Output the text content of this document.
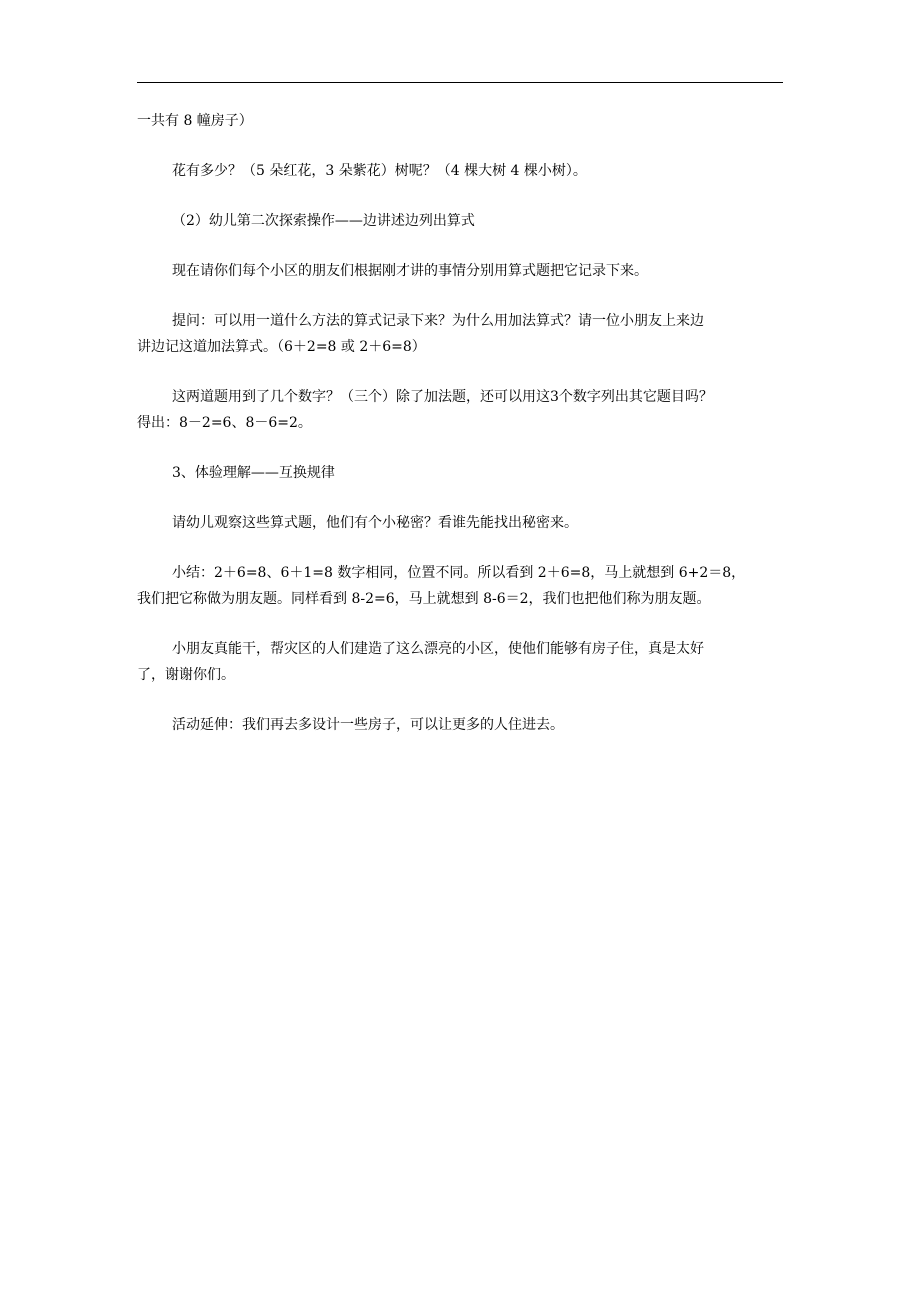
一共有 8 幢房子）

花有多少？（5 朵红花，3 朵紫花）树呢？（4 棵大树 4 棵小树）。

（2）幼儿第二次探索操作——边讲述边列出算式

现在请你们每个小区的朋友们根据刚才讲的事情分别用算式题把它记录下来。

提问：可以用一道什么方法的算式记录下来？为什么用加法算式？请一位小朋友上来边

讲边记这道加法算式。（6＋2=8 或 2＋6=8）

这两道题用到了几个数字？（三个）除了加法题，还可以用这3个数字列出其它题目吗？

得出：8－2=6、8－6=2。

3、体验理解——互换规律

请幼儿观察这些算式题，他们有个小秘密？看谁先能找出秘密来。

小结：2＋6=8、6＋1=8 数字相同，位置不同。所以看到 2＋6=8，马上就想到 6+2＝8，

我们把它称做为朋友题。同样看到 8-2=6，马上就想到 8-6＝2，我们也把他们称为朋友题。

小朋友真能干，帮灾区的人们建造了这么漂亮的小区，使他们能够有房子住，真是太好

了，谢谢你们。

活动延伸：我们再去多设计一些房子，可以让更多的人住进去。
